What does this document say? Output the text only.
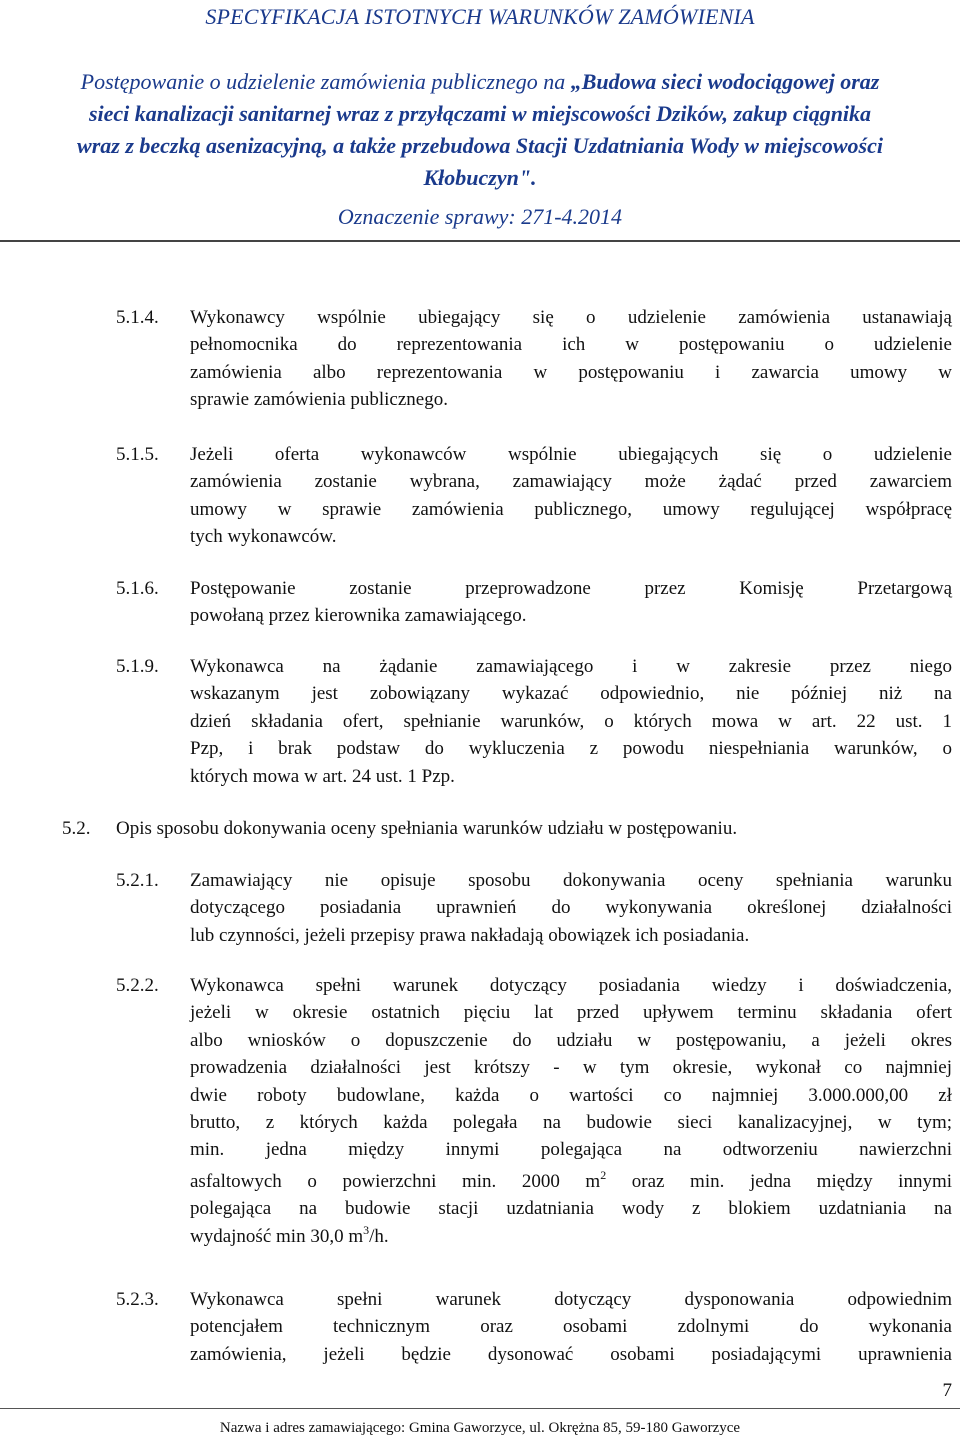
SPECYFIKACJA ISTOTNYCH WARUNKÓW ZAMÓWIENIA
Postępowanie o udzielenie zamówienia publicznego na „Budowa sieci wodociągowej oraz
sieci kanalizacji sanitarnej wraz z przyłączami w miejscowości Dzików, zakup ciągnika
wraz z beczką asenizacyjną, a także przebudowa Stacji Uzdatniania Wody w miejscowości
Kłobuczyn".
Oznaczenie sprawy: 271-4.2014
5.1.4. Wykonawcy wspólnie ubiegający się o udzielenie zamówienia ustanawiają
pełnomocnika do reprezentowania ich w postępowaniu o udzielenie
zamówienia albo reprezentowania w postępowaniu i zawarcia umowy w
sprawie zamówienia publicznego.
5.1.5. Jeżeli oferta wykonawców wspólnie ubiegających się o udzielenie
zamówienia zostanie wybrana, zamawiający może żądać przed zawarciem
umowy w sprawie zamówienia publicznego, umowy regulującej współpracę
tych wykonawców.
5.1.6. Postępowanie zostanie przeprowadzone przez Komisję Przetargową
powołaną przez kierownika zamawiającego.
5.1.9. Wykonawca na żądanie zamawiającego i w zakresie przez niego
wskazanym jest zobowiązany wykazać odpowiednio, nie później niż na
dzień składania ofert, spełnianie warunków, o których mowa w art. 22 ust. 1
Pzp, i brak podstaw do wykluczenia z powodu niespełniania warunków, o
których mowa w art. 24 ust. 1 Pzp.
5.2. Opis sposobu dokonywania oceny spełniania warunków udziału w postępowaniu.
5.2.1. Zamawiający nie opisuje sposobu dokonywania oceny spełniania warunku
dotyczącego posiadania uprawnień do wykonywania określonej działalności
lub czynności, jeżeli przepisy prawa nakładają obowiązek ich posiadania.
5.2.2. Wykonawca spełni warunek dotyczący posiadania wiedzy i doświadczenia,
jeżeli w okresie ostatnich pięciu lat przed upływem terminu składania ofert
albo wniosków o dopuszczenie do udziału w postępowaniu, a jeżeli okres
prowadzenia działalności jest krótszy - w tym okresie, wykonał co najmniej
dwie roboty budowlane, każda o wartości co najmniej 3.000.000,00 zł
brutto, z których każda polegała na budowie sieci kanalizacyjnej, w tym;
min. jedna między innymi polegająca na odtworzeniu nawierzchni
asfaltowych o powierzchni min. 2000 $m^2$ oraz min. jedna między innymi
polegająca na budowie stacji uzdatniania wody z blokiem uzdatniania na
wydajność min 30,0 $m^3/h$.
5.2.3. Wykonawca spełni warunek dotyczący dysponowania odpowiednim
potencjałem technicznym oraz osobami zdolnymi do wykonania
zamówienia, jeżeli będzie dysonować osobami posiadającymi uprawnienia
7
Nazwa i adres zamawiającego: Gmina Gaworzyce, ul. Okrężna 85, 59-180 Gaworzyce
